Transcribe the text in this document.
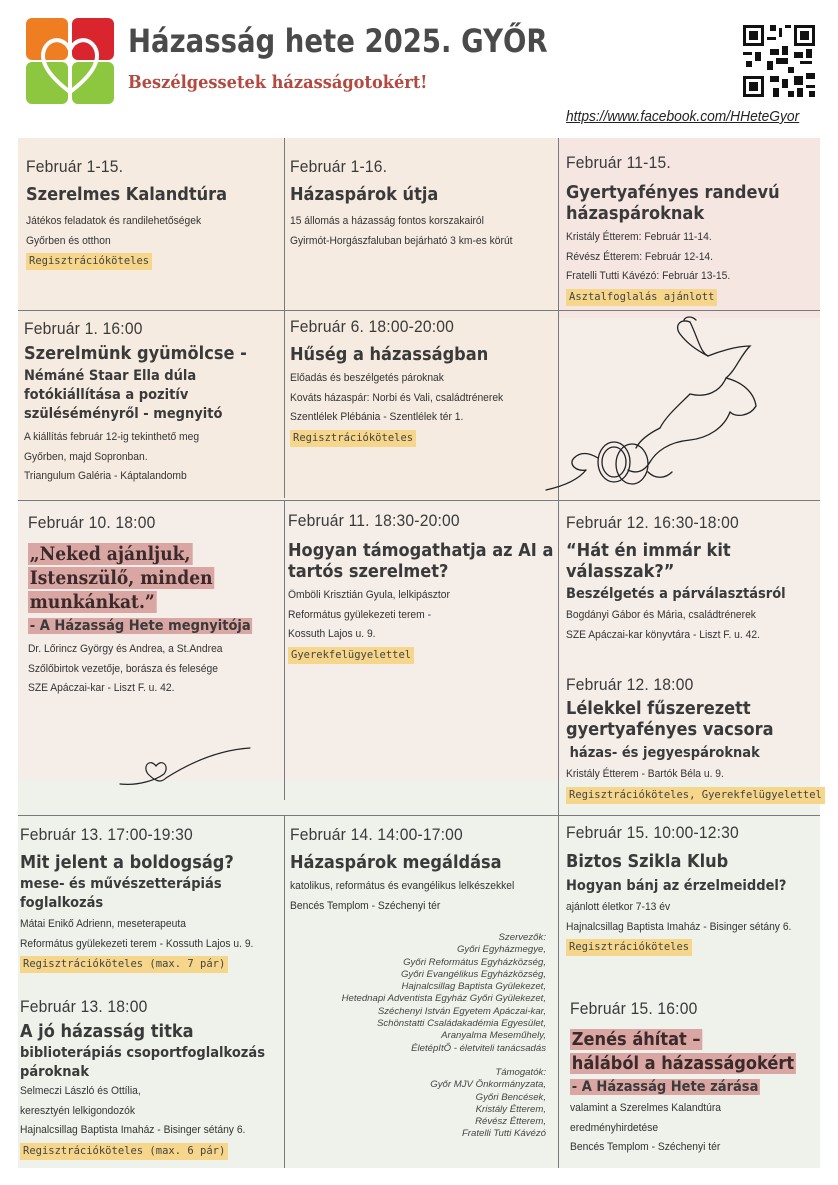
Házasság hete 2025. GYŐR
Beszélgessetek házasságotokért!
https://www.facebook.com/HHeteGyor
Február 1-15.
Szerelmes Kalandtúra
Játékos feladatok és randilehetőségek
Győrben és otthon
Regisztrációköteles
Február 1-16.
Házaspárok útja
15 állomás a házasság fontos korszakairól
Gyirmót-Horgászfaluban bejárható 3 km-es körút
Február 11-15.
Gyertyafényes randevú
házaspároknak
Kristály Étterem: Február 11-14.
Révész Étterem: Február 12-14.
Fratelli Tutti Kávézó: Február 13-15.
Asztalfoglalás ajánlott
Február 1. 16:00
Szerelmünk gyümölcse -
Némáné Staar Ella dúla
fotókiállítása a pozitív
szüléséményről - megnyitó
A kiállítás február 12-ig tekinthető meg
Győrben, majd Sopronban.
Triangulum Galéria - Káptalandomb
Február 6. 18:00-20:00
Hűség a házasságban
Előadás és beszélgetés pároknak
Kováts házaspár: Norbi és Vali, családtrénerek
Szentlélek Plébánia - Szentlélek tér 1.
Regisztrációköteles
Február 10. 18:00
„Neked ajánljuk,
Istenszülő, minden
munkánkat.”
- A Házasság Hete megnyitója
Dr. Lőrincz György és Andrea, a St.Andrea
Szőlőbirtok vezetője, borásza és felesége
SZE Apáczai-kar - Liszt F. u. 42.
Február 11. 18:30-20:00
Hogyan támogathatja az AI a
tartós szerelmet?
Ömböli Krisztián Gyula, lelkipásztor
Református gyülekezeti terem -
Kossuth Lajos u. 9.
Gyerekfelügyelettel
Február 12. 16:30-18:00
“Hát én immár kit
válasszak?”
Beszélgetés a párválasztásról
Bogdányi Gábor és Mária, családtrénerek
SZE Apáczai-kar könyvtára - Liszt F. u. 42.
Február 12. 18:00
Lélekkel fűszerezett
gyertyafényes vacsora
házas- és jegyespároknak
Kristály Étterem - Bartók Béla u. 9.
Regisztrációköteles, Gyerekfelügyelettel
Február 13. 17:00-19:30
Mit jelent a boldogság?
mese- és művészetterápiás
foglalkozás
Mátai Enikő Adrienn, meseterapeuta
Református gyülekezeti terem - Kossuth Lajos u. 9.
Regisztrációköteles (max. 7 pár)
Február 13. 18:00
A jó házasság titka
biblioterápiás csoportfoglalkozás
pároknak
Selmeczi László és Ottília,
keresztyén lelkigondozók
Hajnalcsillag Baptista Imaház - Bisinger sétány 6.
Regisztrációköteles (max. 6 pár)
Február 14. 14:00-17:00
Házaspárok megáldása
katolikus, református és evangélikus lelkészekkel
Bencés Templom - Széchenyi tér
Szervezők:
Győri Egyházmegye,
Győri Református Egyházközség,
Győri Evangélikus Egyházközség,
Hajnalcsillag Baptista Gyülekezet,
Hetednapi Adventista Egyház Győri Gyülekezet,
Széchenyi István Egyetem Apáczai-kar,
Schönstatti Családakadémia Egyesület,
Aranyalma Meseműhely,
ÉletépItŐ - életviteli tanácsadás
Támogatók:
Győr MJV Önkormányzata,
Győri Bencések,
Kristály Étterem,
Révész Étterem,
Fratelli Tutti Kávézó
Február 15. 10:00-12:30
Biztos Szikla Klub
Hogyan bánj az érzelmeiddel?
ajánlott életkor 7-13 év
Hajnalcsillag Baptista Imaház - Bisinger sétány 6.
Regisztrációköteles
Február 15. 16:00
Zenés áhítat –
hálából a házasságokért
- A Házasság Hete zárása
valamint a Szerelmes Kalandtúra
eredményhirdetése
Bencés Templom - Széchenyi tér
